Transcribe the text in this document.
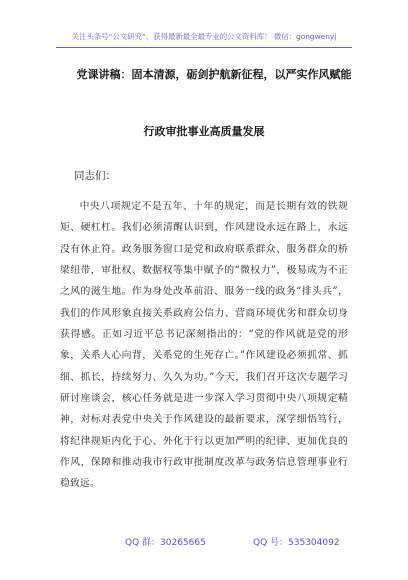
关注头条号“公文研究”，获得最新最全最专业的公文资料库！ 微信：gongwenyj
党课讲稿：固本清源，砺剑护航新征程，以严实作风赋能
行政审批事业高质量发展
同志们：

中央八项规定不是五年、十年的规定，而是长期有效的铁规矩、硬杠杠。我们必须清醒认识到，作风建设永远在路上，永远没有休止符。政务服务窗口是党和政府联系群众、服务群众的桥梁纽带，审批权、数据权等集中赋予的“微权力”，极易成为不正之风的滋生地。作为身处改革前沿、服务一线的政务“排头兵”，我们的作风形象直接关系政府公信力、营商环境优劣和群众切身获得感。正如习近平总书记深刻指出的：“党的作风就是党的形象，关系人心向背，关系党的生死存亡。”作风建设必须抓常、抓细、抓长，持续努力、久久为功。”今天，我们召开这次专题学习研讨座谈会，核心任务就是进一步深入学习贯彻中央八项规定精神，对标对表党中央关于作风建设的最新要求，深学细悟笃行，将纪律规矩内化于心、外化于行以更加严明的纪律、更加优良的作风，保障和推动我市行政审批制度改革与政务信息管理事业行稳致远。

QQ 群：30265665	QQ 号：535304092
